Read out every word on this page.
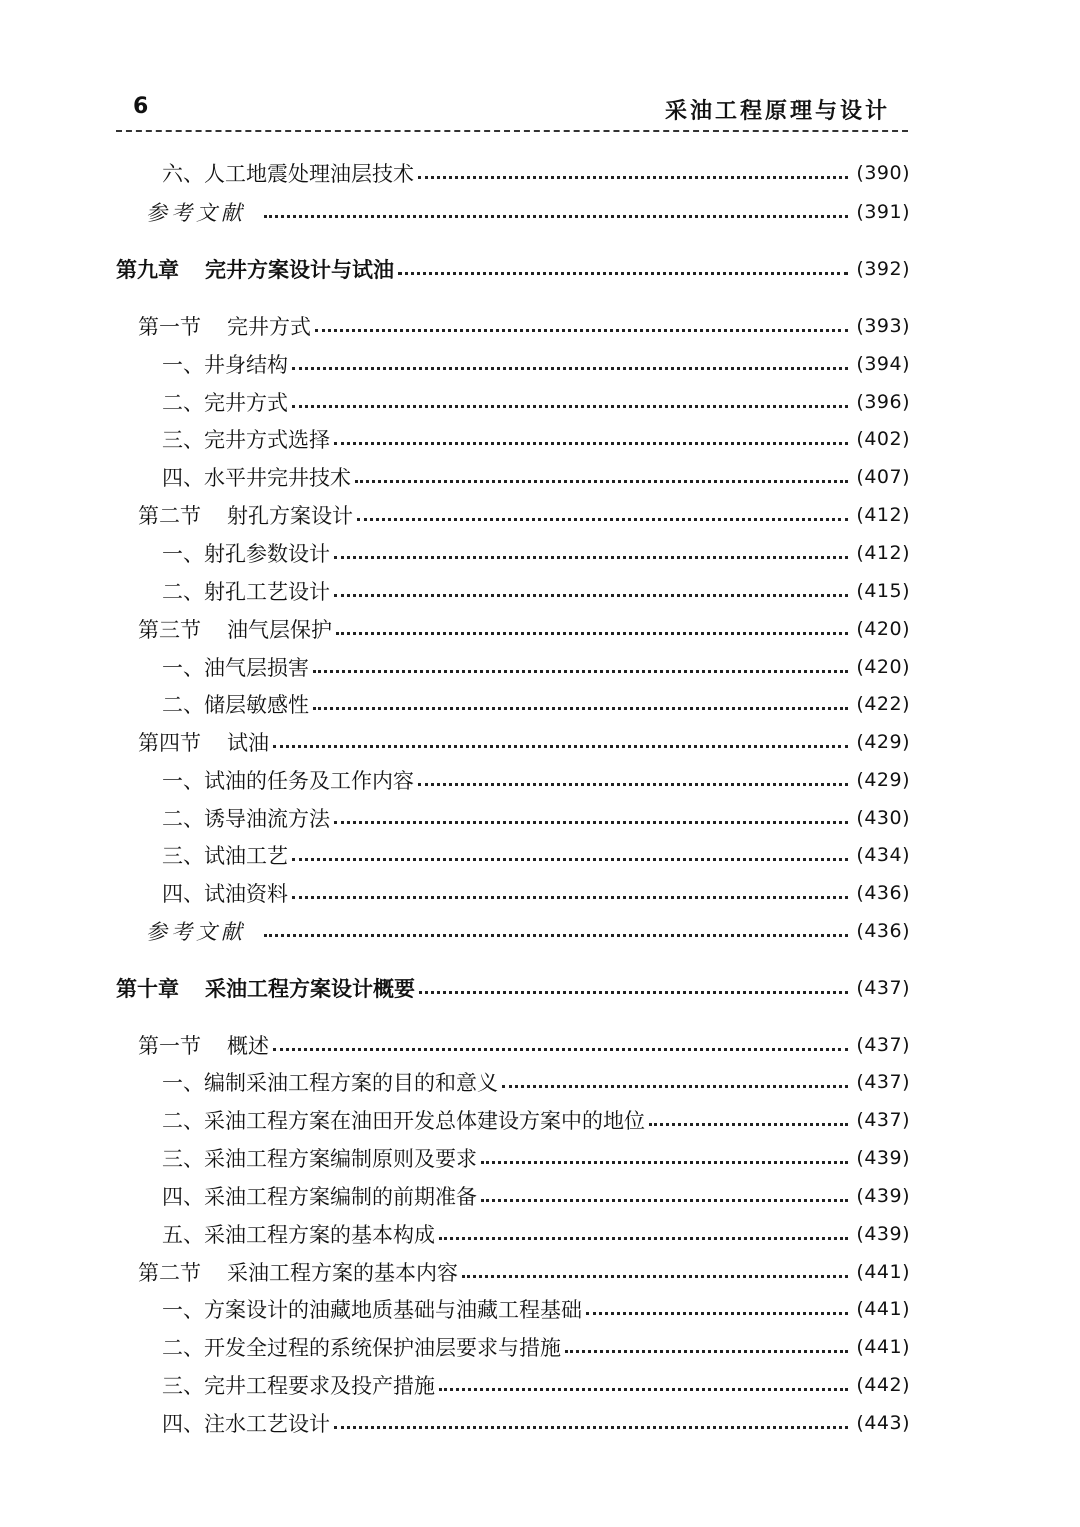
6	采油工程原理与设计
六、人工地震处理油层技术	(390)
参考文献	(391)
第九章 完井方案设计与试油	(392)
第一节 完井方式	(393)
一、井身结构	(394)
二、完井方式	(396)
三、完井方式选择	(402)
四、水平井完井技术	(407)
第二节 射孔方案设计	(412)
一、射孔参数设计	(412)
二、射孔工艺设计	(415)
第三节 油气层保护	(420)
一、油气层损害	(420)
二、储层敏感性	(422)
第四节 试油	(429)
一、试油的任务及工作内容	(429)
二、诱导油流方法	(430)
三、试油工艺	(434)
四、试油资料	(436)
参考文献	(436)
第十章 采油工程方案设计概要	(437)
第一节 概述	(437)
一、编制采油工程方案的目的和意义	(437)
二、采油工程方案在油田开发总体建设方案中的地位	(437)
三、采油工程方案编制原则及要求	(439)
四、采油工程方案编制的前期准备	(439)
五、采油工程方案的基本构成	(439)
第二节 采油工程方案的基本内容	(441)
一、方案设计的油藏地质基础与油藏工程基础	(441)
二、开发全过程的系统保护油层要求与措施	(441)
三、完井工程要求及投产措施	(442)
四、注水工艺设计	(443)
